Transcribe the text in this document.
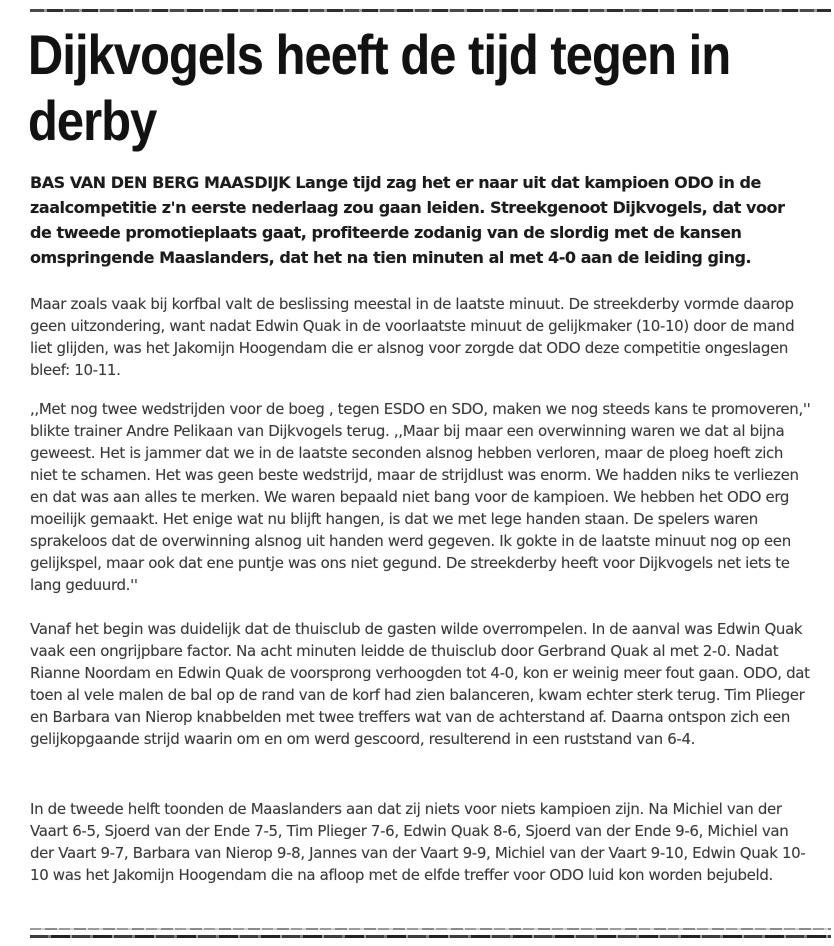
Dijkvogels heeft de tijd tegen in derby

BAS VAN DEN BERG MAASDIJK Lange tijd zag het er naar uit dat kampioen ODO in de zaalcompetitie z'n eerste nederlaag zou gaan leiden. Streekgenoot Dijkvogels, dat voor de tweede promotieplaats gaat, profiteerde zodanig van de slordig met de kansen omspringende Maaslanders, dat het na tien minuten al met 4-0 aan de leiding ging.

Maar zoals vaak bij korfbal valt de beslissing meestal in de laatste minuut. De streekderby vormde daarop geen uitzondering, want nadat Edwin Quak in de voorlaatste minuut de gelijkmaker (10-10) door de mand liet glijden, was het Jakomijn Hoogendam die er alsnog voor zorgde dat ODO deze competitie ongeslagen bleef: 10-11.

,,Met nog twee wedstrijden voor de boeg , tegen ESDO en SDO, maken we nog steeds kans te promoveren,'' blikte trainer Andre Pelikaan van Dijkvogels terug. ,,Maar bij maar een overwinning waren we dat al bijna geweest. Het is jammer dat we in de laatste seconden alsnog hebben verloren, maar de ploeg hoeft zich niet te schamen. Het was geen beste wedstrijd, maar de strijdlust was enorm. We hadden niks te verliezen en dat was aan alles te merken. We waren bepaald niet bang voor de kampioen. We hebben het ODO erg moeilijk gemaakt. Het enige wat nu blijft hangen, is dat we met lege handen staan. De spelers waren sprakeloos dat de overwinning alsnog uit handen werd gegeven. Ik gokte in de laatste minuut nog op een gelijkspel, maar ook dat ene puntje was ons niet gegund. De streekderby heeft voor Dijkvogels net iets te lang geduurd.''

Vanaf het begin was duidelijk dat de thuisclub de gasten wilde overrompelen. In de aanval was Edwin Quak vaak een ongrijpbare factor. Na acht minuten leidde de thuisclub door Gerbrand Quak al met 2-0. Nadat Rianne Noordam en Edwin Quak de voorsprong verhoogden tot 4-0, kon er weinig meer fout gaan. ODO, dat toen al vele malen de bal op de rand van de korf had zien balanceren, kwam echter sterk terug. Tim Plieger en Barbara van Nierop knabbelden met twee treffers wat van de achterstand af. Daarna ontspon zich een gelijkopgaande strijd waarin om en om werd gescoord, resulterend in een ruststand van 6-4.

In de tweede helft toonden de Maaslanders aan dat zij niets voor niets kampioen zijn. Na Michiel van der Vaart 6-5, Sjoerd van der Ende 7-5, Tim Plieger 7-6, Edwin Quak 8-6, Sjoerd van der Ende 9-6, Michiel van der Vaart 9-7, Barbara van Nierop 9-8, Jannes van der Vaart 9-9, Michiel van der Vaart 9-10, Edwin Quak 10-10 was het Jakomijn Hoogendam die na afloop met de elfde treffer voor ODO luid kon worden bejubeld.
